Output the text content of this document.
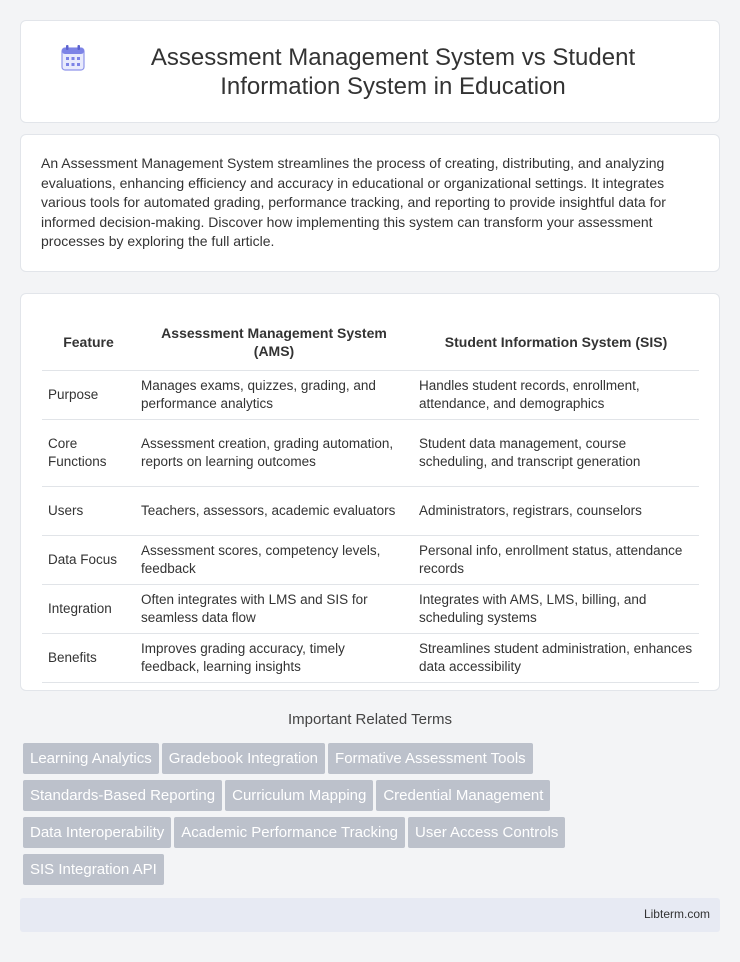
Assessment Management System vs Student Information System in Education

An Assessment Management System streamlines the process of creating, distributing, and analyzing evaluations, enhancing efficiency and accuracy in educational or organizational settings. It integrates various tools for automated grading, performance tracking, and reporting to provide insightful data for informed decision-making. Discover how implementing this system can transform your assessment processes by exploring the full article.

Feature	Assessment Management System (AMS)	Student Information System (SIS)
Purpose	Manages exams, quizzes, grading, and performance analytics	Handles student records, enrollment, attendance, and demographics
Core Functions	Assessment creation, grading automation, reports on learning outcomes	Student data management, course scheduling, and transcript generation
Users	Teachers, assessors, academic evaluators	Administrators, registrars, counselors
Data Focus	Assessment scores, competency levels, feedback	Personal info, enrollment status, attendance records
Integration	Often integrates with LMS and SIS for seamless data flow	Integrates with AMS, LMS, billing, and scheduling systems
Benefits	Improves grading accuracy, timely feedback, learning insights	Streamlines student administration, enhances data accessibility
Important Related Terms
Learning Analytics Gradebook Integration Formative Assessment Tools
Standards-Based Reporting Curriculum Mapping Credential Management
Data Interoperability Academic Performance Tracking User Access Controls
SIS Integration API
Libterm.com
